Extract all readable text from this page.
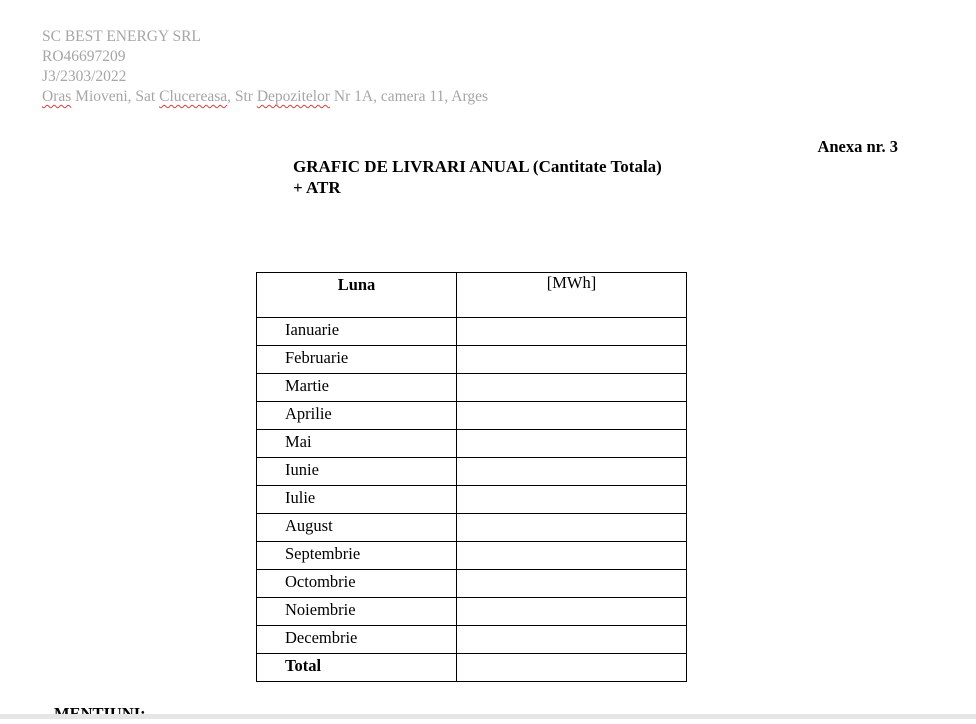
SC BEST ENERGY SRL
RO46697209
J3/2303/2022
Oras Mioveni, Sat Clucereasa, Str Depozitelor Nr 1A, camera 11, Arges
Anexa nr. 3
GRAFIC DE LIVRARI ANUAL (Cantitate Totala) + ATR
Luna	[MWh]
Ianuarie	
Februarie	
Martie	
Aprilie	
Mai	
Iunie	
Iulie	
August	
Septembrie	
Octombrie	
Noiembrie	
Decembrie	
Total	
